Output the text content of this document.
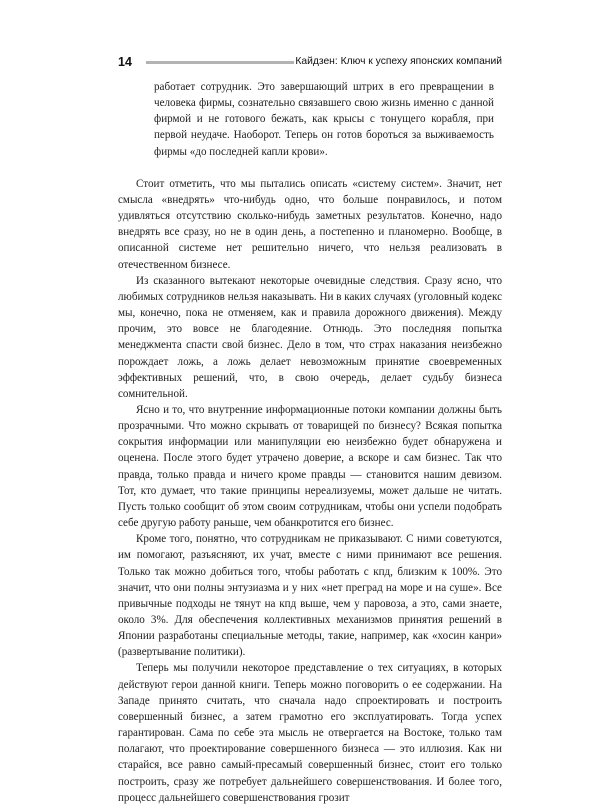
14	Кайдзен: Ключ к успеху японских компаний

работает сотрудник. Это завершающий штрих в его превращении в человека фирмы, сознательно связавшего свою жизнь именно с данной фирмой и не готового бежать, как крысы с тонущего корабля, при первой неудаче. Наоборот. Теперь он готов бороться за выживаемость фирмы «до последней капли крови».

Стоит отметить, что мы пытались описать «систему систем». Значит, нет смысла «внедрять» что-нибудь одно, что больше понравилось, и потом удивляться отсутствию сколько-нибудь заметных результатов. Конечно, надо внедрять все сразу, но не в один день, а постепенно и планомерно. Вообще, в описанной системе нет решительно ничего, что нельзя реализовать в отечественном бизнесе.

Из сказанного вытекают некоторые очевидные следствия. Сразу ясно, что любимых сотрудников нельзя наказывать. Ни в каких случаях (уголовный кодекс мы, конечно, пока не отменяем, как и правила дорожного движения). Между прочим, это вовсе не благодеяние. Отнюдь. Это последняя попытка менеджмента спасти свой бизнес. Дело в том, что страх наказания неизбежно порождает ложь, а ложь делает невозможным принятие своевременных эффективных решений, что, в свою очередь, делает судьбу бизнеса сомнительной.

Ясно и то, что внутренние информационные потоки компании должны быть прозрачными. Что можно скрывать от товарищей по бизнесу? Всякая попытка сокрытия информации или манипуляции ею неизбежно будет обнаружена и оценена. После этого будет утрачено доверие, а вскоре и сам бизнес. Так что правда, только правда и ничего кроме правды — становится нашим девизом. Тот, кто думает, что такие принципы нереализуемы, может дальше не читать. Пусть только сообщит об этом своим сотрудникам, чтобы они успели подобрать себе другую работу раньше, чем обанкротится его бизнес.

Кроме того, понятно, что сотрудникам не приказывают. С ними советуются, им помогают, разъясняют, их учат, вместе с ними принимают все решения. Только так можно добиться того, чтобы работать с кпд, близким к 100%. Это значит, что они полны энтузиазма и у них «нет преград на море и на суше». Все привычные подходы не тянут на кпд выше, чем у паровоза, а это, сами знаете, около 3%. Для обеспечения коллективных механизмов принятия решений в Японии разработаны специальные методы, такие, например, как «хосин канри» (развертывание политики).

Теперь мы получили некоторое представление о тех ситуациях, в которых действуют герои данной книги. Теперь можно поговорить о ее содержании. На Западе принято считать, что сначала надо спроектировать и построить совершенный бизнес, а затем грамотно его эксплуатировать. Тогда успех гарантирован. Сама по себе эта мысль не отвергается на Востоке, только там полагают, что проектирование совершенного бизнеса — это иллюзия. Как ни старайся, все равно самый-пресамый совершенный бизнес, стоит его только построить, сразу же потребует дальнейшего совершенствования. И более того, процесс дальнейшего совершенствования грозит
